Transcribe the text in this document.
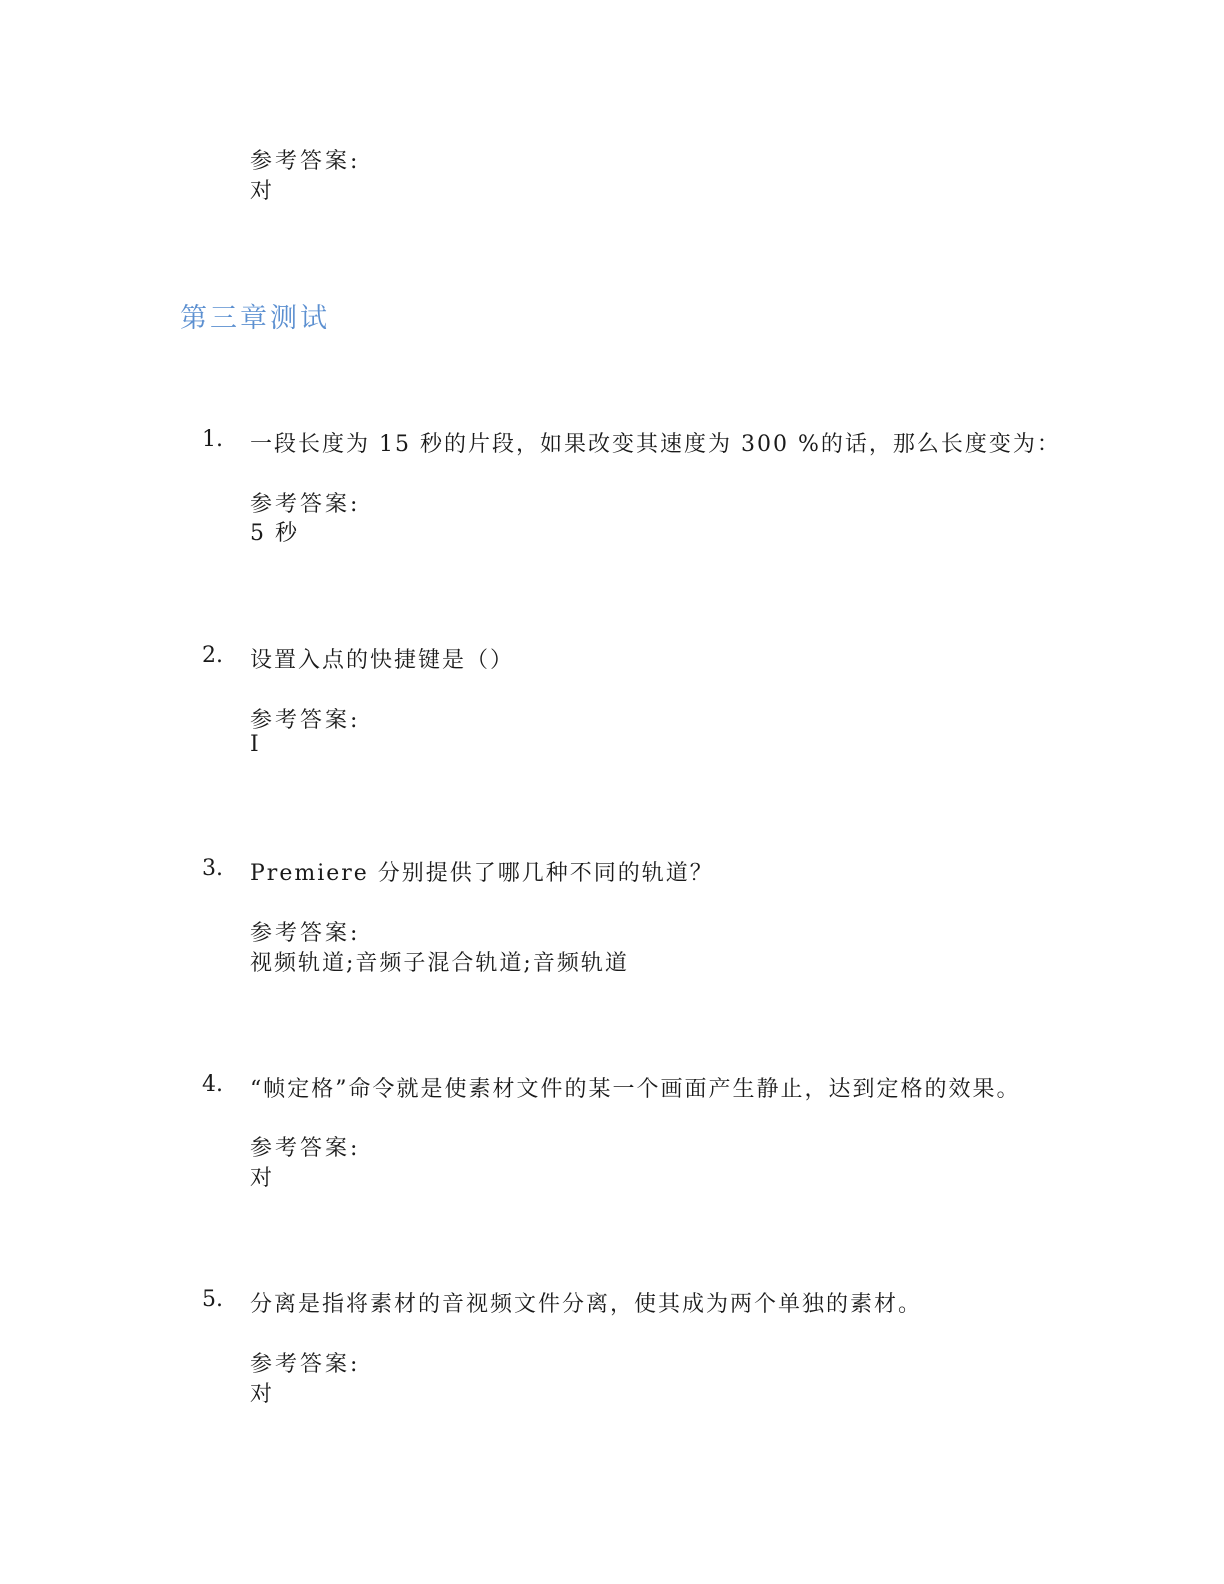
参考答案:
对
第三章测试
1. 一段长度为 15 秒的片段，如果改变其速度为 300 %的话，那么长度变为：
参考答案:
5 秒
2. 设置入点的快捷键是（）
参考答案:
I
3. Premiere 分别提供了哪几种不同的轨道？
参考答案:
视频轨道;音频子混合轨道;音频轨道
4. “帧定格”命令就是使素材文件的某一个画面产生静止，达到定格的效果。
参考答案:
对
5. 分离是指将素材的音视频文件分离，使其成为两个单独的素材。
参考答案:
对
